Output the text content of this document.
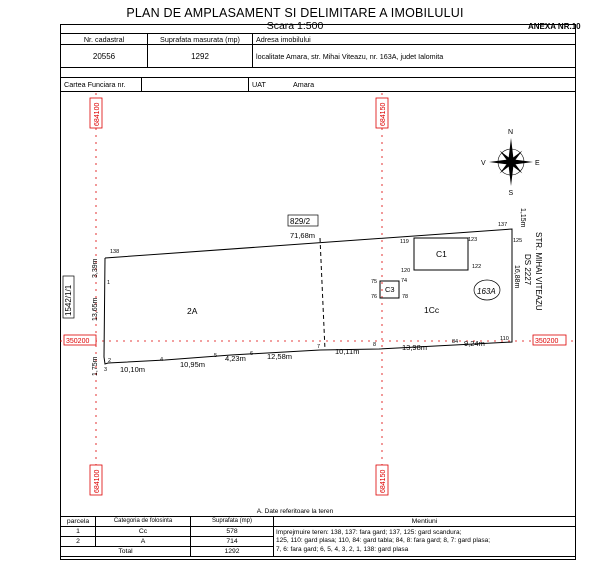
PLAN DE AMPLASAMENT SI DELIMITARE A IMOBILULUI
Scara 1:500	ANEXA NR.10
Nr. cadastral	Suprafata masurata (mp)	Adresa imobilului
20556	1292	localitate Amara, str. Mihai Viteazu, nr. 163A, judet Ialomita
Cartea Funciara nr.		UAT	Amara
684100	684150
684100	684150
350200	350200
N
S
E
V
829/2
1542/1/1	2A	1Cc
C1
C3	163A	STR. MIHAI VITEAZU
DS 2227
71,68m
1,15m
16,88m
3,39m
13,65m
1,75m	10,10m
10,95m
4,23m	12,58m
10,11m	13,98m	9,24m
137
138
125
110
84
8
7
6
5
4
3
2
1
119	123
120
122
75	74
76	78
A. Date referitoare la teren
parcela	Categoria de folosinta	Suprafata (mp)	Mentiuni
1	Cc	578	Imprejmuire teren: 138, 137: fara gard; 137, 125: gard scandura;
125, 110: gard plasa; 110, 84: gard tabla; 84, 8: fara gard; 8, 7: gard plasa;
7, 6: fara gard; 6, 5, 4, 3, 2, 1, 138: gard plasa

2	A	714	
Total		1292	
